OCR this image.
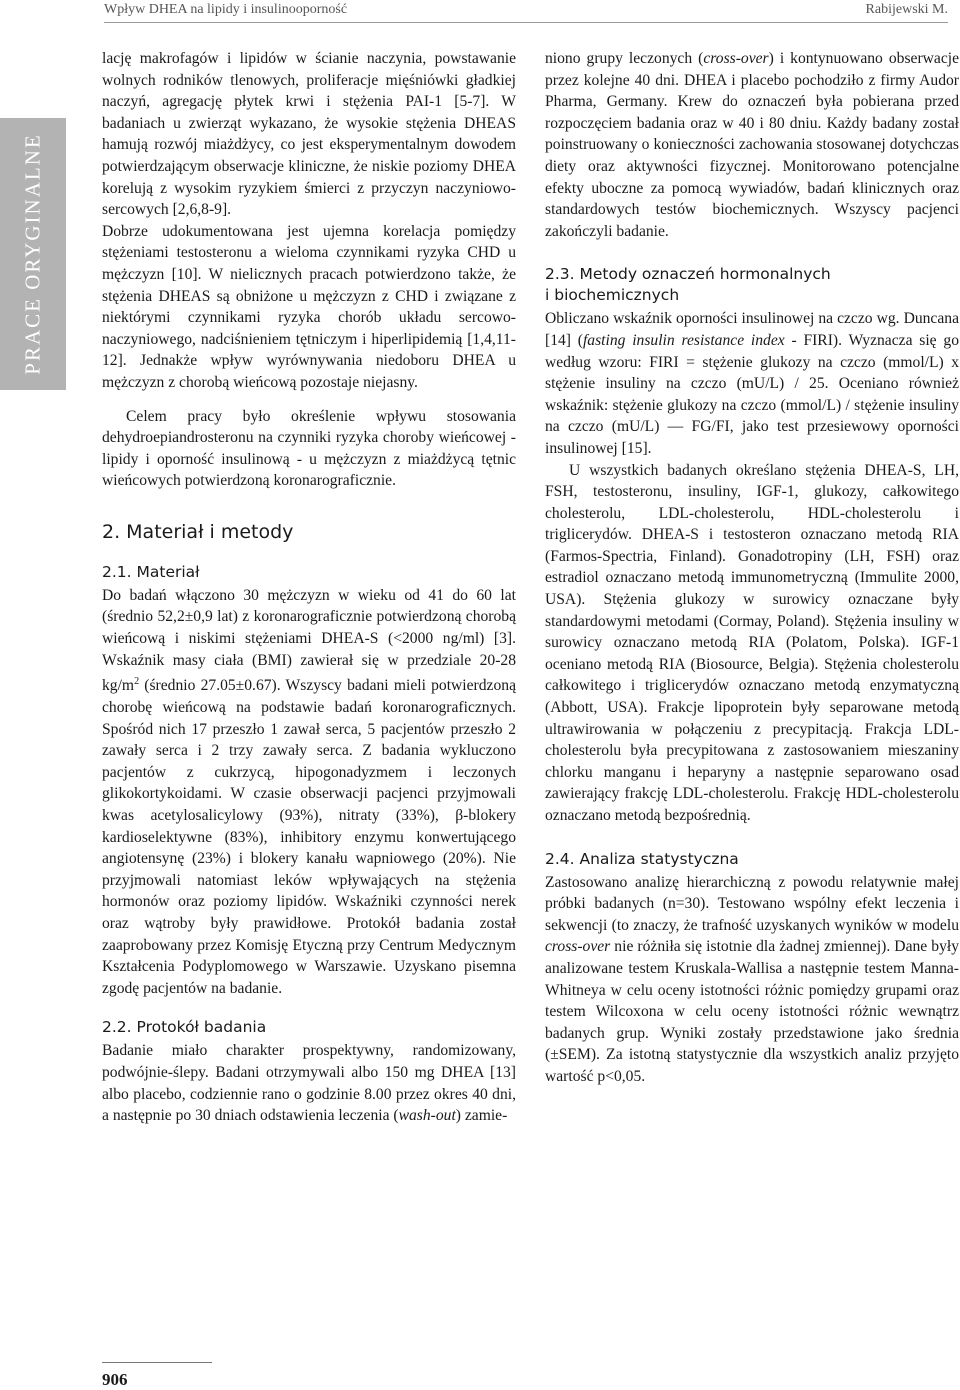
Wpływ DHEA na lipidy i insulinooporność	Rabijewski M.
PRACE ORYGINALNE

lację makrofagów i lipidów w ścianie naczynia, powstawanie wolnych rodników tlenowych, proliferacje mięśniówki gładkiej naczyń, agregację płytek krwi i stężenia PAI-1 [5-7]. W badaniach u zwierząt wykazano, że wysokie stężenia DHEAS hamują rozwój miażdżycy, co jest eksperymentalnym dowodem potwierdzającym obserwacje kliniczne, że niskie poziomy DHEA korelują z wysokim ryzykiem śmierci z przyczyn naczyniowo-sercowych [2,6,8-9].

Dobrze udokumentowana jest ujemna korelacja pomiędzy stężeniami testosteronu a wieloma czynnikami ryzyka CHD u mężczyzn [10]. W nielicznych pracach potwierdzono także, że stężenia DHEAS są obniżone u mężczyzn z CHD i związane z niektórymi czynnikami ryzyka chorób układu sercowo-naczyniowego, nadciśnieniem tętniczym i hiperlipidemią [1,4,11-12]. Jednakże wpływ wyrównywania niedoboru DHEA u mężczyzn z chorobą wieńcową pozostaje niejasny.

Celem pracy było określenie wpływu stosowania dehydroepiandrosteronu na czynniki ryzyka choroby wieńcowej - lipidy i oporność insulinową - u mężczyzn z miażdżycą tętnic wieńcowych potwierdzoną koronarograficznie.

2. Materiał i metody
2.1. Materiał

Do badań włączono 30 mężczyzn w wieku od 41 do 60 lat (średnio 52,2±0,9 lat) z koronarograficznie potwierdzoną chorobą wieńcową i niskimi stężeniami DHEA-S (<2000 ng/ml) [3]. Wskaźnik masy ciała (BMI) zawierał się w przedziale 20-28 $kg/m^2$ (średnio 27.05±0.67). Wszyscy badani mieli potwierdzoną chorobę wieńcową na podstawie badań koronarograficznych. Spośród nich 17 przeszło 1 zawał serca, 5 pacjentów przeszło 2 zawały serca i 2 trzy zawały serca. Z badania wykluczono pacjentów z cukrzycą, hipogonadyzmem i leczonych glikokortykoidami. W czasie obserwacji pacjenci przyjmowali kwas acetylosalicylowy (93%), nitraty (33%), β-blokery kardioselektywne (83%), inhibitory enzymu konwertującego angiotensynę (23%) i blokery kanału wapniowego (20%). Nie przyjmowali natomiast leków wpływających na stężenia hormonów oraz poziomy lipidów. Wskaźniki czynności nerek oraz wątroby były prawidłowe. Protokół badania został zaaprobowany przez Komisję Etyczną przy Centrum Medycznym Kształcenia Podyplomowego w Warszawie. Uzyskano pisemna zgodę pacjentów na badanie.

2.2. Protokół badania

Badanie miało charakter prospektywny, randomizowany, podwójnie-ślepy. Badani otrzymywali albo 150 mg DHEA [13] albo placebo, codziennie rano o godzinie 8.00 przez okres 40 dni, a następnie po 30 dniach odstawienia leczenia (wash-out) zamie-

niono grupy leczonych (cross-over) i kontynuowano obserwacje przez kolejne 40 dni. DHEA i placebo pochodziło z firmy Audor Pharma, Germany. Krew do oznaczeń była pobierana przed rozpoczęciem badania oraz w 40 i 80 dniu. Każdy badany został poinstruowany o konieczności zachowania stosowanej dotychczas diety oraz aktywności fizycznej. Monitorowano potencjalne efekty uboczne za pomocą wywiadów, badań klinicznych oraz standardowych testów biochemicznych. Wszyscy pacjenci zakończyli badanie.

2.3. Metody oznaczeń hormonalnych
i biochemicznych

Obliczano wskaźnik oporności insulinowej na czczo wg. Duncana [14] (fasting insulin resistance index - FIRI). Wyznacza się go według wzoru: FIRI = stężenie glukozy na czczo (mmol/L) x stężenie insuliny na czczo (mU/L) / 25. Oceniano również wskaźnik: stężenie glukozy na czczo (mmol/L) / stężenie insuliny na czczo (mU/L) — FG/FI, jako test przesiewowy oporności insulinowej [15].

U wszystkich badanych określano stężenia DHEA-S, LH, FSH, testosteronu, insuliny, IGF-1, glukozy, całkowitego cholesterolu, LDL-cholesterolu, HDL-cholesterolu i triglicerydów. DHEA-S i testosteron oznaczano metodą RIA (Farmos-Spectria, Finland). Gonadotropiny (LH, FSH) oraz estradiol oznaczano metodą immunometryczną (Immulite 2000, USA). Stężenia glukozy w surowicy oznaczane były standardowymi metodami (Cormay, Poland). Stężenia insuliny w surowicy oznaczano metodą RIA (Polatom, Polska). IGF-1 oceniano metodą RIA (Biosource, Belgia). Stężenia cholesterolu całkowitego i triglicerydów oznaczano metodą enzymatyczną (Abbott, USA). Frakcje lipoprotein były separowane metodą ultrawirowania w połączeniu z precypitacją. Frakcja LDL-cholesterolu była precypitowana z zastosowaniem mieszaniny chlorku manganu i heparyny a następnie separowano osad zawierający frakcję LDL-cholesterolu. Frakcję HDL-cholesterolu oznaczano metodą bezpośrednią.

2.4. Analiza statystyczna

Zastosowano analizę hierarchiczną z powodu relatywnie małej próbki badanych (n=30). Testowano wspólny efekt leczenia i sekwencji (to znaczy, że trafność uzyskanych wyników w modelu cross-over nie różniła się istotnie dla żadnej zmiennej). Dane były analizowane testem Kruskala-Wallisa a następnie testem Manna-Whitneya w celu oceny istotności różnic pomiędzy grupami oraz testem Wilcoxona w celu oceny istotności różnic wewnątrz badanych grup. Wyniki zostały przedstawione jako średnia (±SEM). Za istotną statystycznie dla wszystkich analiz przyjęto wartość p<0,05.

906
